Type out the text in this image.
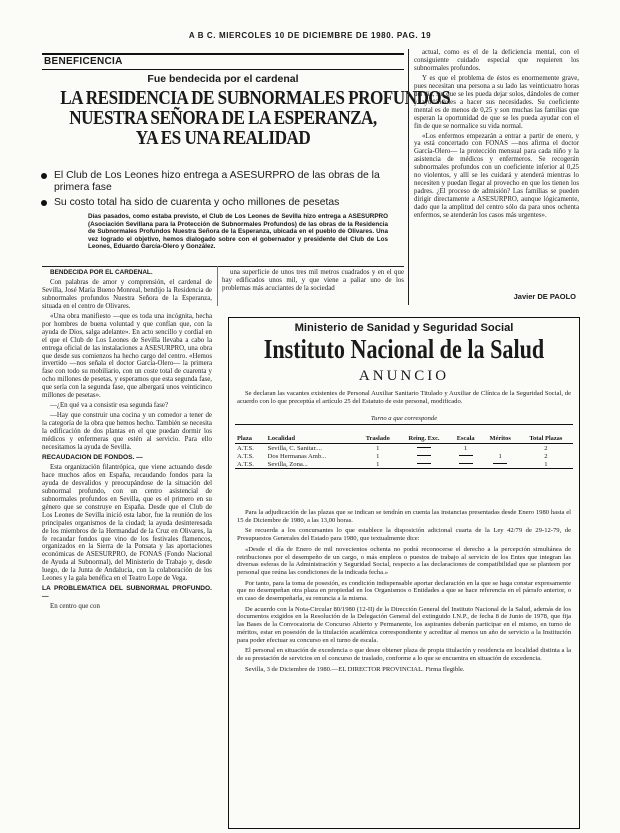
A B C. MIERCOLES 10 DE DICIEMBRE DE 1980. PAG. 19
BENEFICENCIA
Fue bendecida por el cardenal
LA RESIDENCIA DE SUBNORMALES PROFUNDOS
NUESTRA SEÑORA DE LA ESPERANZA,
YA ES UNA REALIDAD
El Club de Los Leones hizo entrega a ASESURPRO de las obras de la primera fase
Su costo total ha sido de cuarenta y ocho millones de pesetas
Días pasados, como estaba previsto, el Club de Los Leones de Sevilla hizo entrega a ASESURPRO (Asociación Sevillana para la Protección de Subnormales Profundos) de las obras de la Residencia de Subnormales Profundos Nuestra Señora de la Esperanza, ubicada en el pueblo de Olivares. Una vez logrado el objetivo, hemos dialogado sobre con el gobernador y presidente del Club de Los Leones, Eduardo García-Olero y González.

BENDECIDA POR EL CARDENAL.

Con palabras de amor y comprensión, el cardenal de Sevilla, José María Bueno Monreal, bendijo la Residencia de subnormales profundos Nuestra Señora de la Esperanza, situada en el centro de Olivares.

«Una obra manifiesto —que es toda una incógnita, hecha por hombres de buena voluntad y que confían que, con la ayuda de Dios, salga adelante». En acto sencillo y cordial en el que el Club de Los Leones de Sevilla llevaba a cabo la entrega oficial de las instalaciones a ASESURPRO, una obra que desde sus comienzos ha hecho cargo del centro. «Hemos invertido —nos señala el doctor García-Olero— la primera fase con todo su mobiliario, con un coste total de cuarenta y ocho millones de pesetas, y esperamos que esta segunda fase, que sería con la segunda fase, que albergará unos veinticinco millones de pesetas».

—¿En qué va a consistir esa segunda fase?

—Hay que construir una cocina y un comedor a tener de la categoría de la obra que hemos hecho. También se necesita la edificación de dos plantas en el que puedan dormir los médicos y enfermeras que estén al servicio. Para ello necesitamos la ayuda de Sevilla.

RECAUDACION DE FONDOS. —

Esta organización filantrópica, que viene actuando desde hace muchos años en España, recaudando fondos para la ayuda de desvalidos y preocupándose de la situación del subnormal profundo, con un centro asistencial de subnormales profundos en Sevilla, que es el primero en su género que se construye en España. Desde que el Club de Los Leones de Sevilla inició esta labor, fue la reunión de los principales organismos de la ciudad; la ayuda desinteresada de los miembros de la Hermandad de la Cruz en Olivares, la fe recaudar fondos que vino de los festivales flamencos, organizados en la Sierra de la Ponsata y las aportaciones económicas de ASESURPRO, de FONAS (Fondo Nacional de Ayuda al Subnormal), del Ministerio de Trabajo y, desde luego, de la Junta de Andalucía, con la colaboración de los Leones y la gala benéfica en el Teatro Lope de Vega.

LA PROBLEMATICA DEL SUBNORMAL PROFUNDO.—

En centro que con

una superficie de unos tres mil metros cuadrados y en el que hay edificados unos mil, y que viene a paliar uno de los problemas más acuciantes de la sociedad

actual, como es el de la deficiencia mental, con el consiguiente cuidado especial que requieren los subnormales profundos.

Y es que el problema de éstos es enormemente grave, pues necesitan una persona a su lado las veinticuatro horas del día, sin que se les pueda dejar solos, dándoles de comer y ayudándoles a hacer sus necesidades. Su coeficiente mental es de menos de 0,25 y son muchas las familias que esperan la oportunidad de que se les pueda ayudar con el fin de que se normalice su vida normal.

«Los enfermos empezarán a entrar a partir de enero, y ya está concertado con FONAS —nos afirma el doctor García-Olero— la protección mensual para cada niño y la asistencia de médicos y enfermeros. Se recogerán subnormales profundos con un coeficiente inferior al 0,25 no violentos, y allí se les cuidará y atenderá mientras lo necesiten y puedan llegar al provecho en que los tienen los padres. ¿El proceso de admisión? Las familias se pueden dirigir directamente a ASESURPRO, aunque lógicamente, dado que la amplitud del centro sólo da para unos ochenta enfermos, se atenderán los casos más urgentes».

Javier DE PAOLO
Ministerio de Sanidad y Seguridad Social
Instituto Nacional de la Salud
ANUNCIO

Se declaran las vacantes existentes de Personal Auxiliar Sanitario Titulado y Auxiliar de Clínica de la Seguridad Social, de acuerdo con lo que preceptúa el artículo 25 del Estatuto de este personal, modificado.

Turno a que corresponde
Plaza	Localidad	Traslado	Reing. Exc.	Escala	Méritos	Total Plazas
A.T.S.	Sevilla, C. Sanitar....	1		1		2
A.T.S.	Dos Hermanas Amb...	1			1	2
A.T.S.	Sevilla, Zona...	1				1

Para la adjudicación de las plazas que se indican se tendrán en cuenta las instancias presentadas desde Enero 1980 hasta el 15 de Diciembre de 1980, a las 13,00 horas.

Se recuerda a los concursantes lo que establece la disposición adicional cuarta de la Ley 42/79 de 29-12-79, de Presupuestos Generales del Estado para 1980, que textualmente dice:

«Desde el día de Enero de mil novecientos ochenta no podrá reconocerse el derecho a la percepción simultánea de retribuciones por el desempeño de un cargo, o más empleos o puestos de trabajo al servicio de los Entes que integran las diversas esferas de la Administración y Seguridad Social, respecto a las declaraciones de compatibilidad que se planteen por personal que reúna las condiciones de la indicada fecha.»

Por tanto, para la toma de posesión, es condición indispensable aportar declaración en la que se haga constar expresamente que no desempeñan otra plaza en propiedad en los Organismos o Entidades a que se hace referencia en el párrafo anterior, o en caso de desempeñarla, su renuncia a la misma.

De acuerdo con la Nota-Circular 80/1980 (12-II) de la Dirección General del Instituto Nacional de la Salud, además de los documentos exigidos en la Resolución de la Delegación General del extinguido I.N.P., de fecha 8 de Junio de 1978, que fija las Bases de la Convocatoria de Concurso Abierto y Permanente, los aspirantes deberán participar en el mismo, en turno de méritos, estar en posesión de la titulación académica correspondiente y acreditar al menos un año de servicio a la Institución para poder efectuar su concurso en el turno de escala.

El personal en situación de excedencia o que desee obtener plaza de propia titulación y residencia en localidad distinta a la de su prestación de servicios en el concurso de traslado, conforme a lo que se encuentra en situación de excedencia.

Sevilla, 3 de Diciembre de 1980.—EL DIRECTOR PROVINCIAL. Firma Ilegible.
